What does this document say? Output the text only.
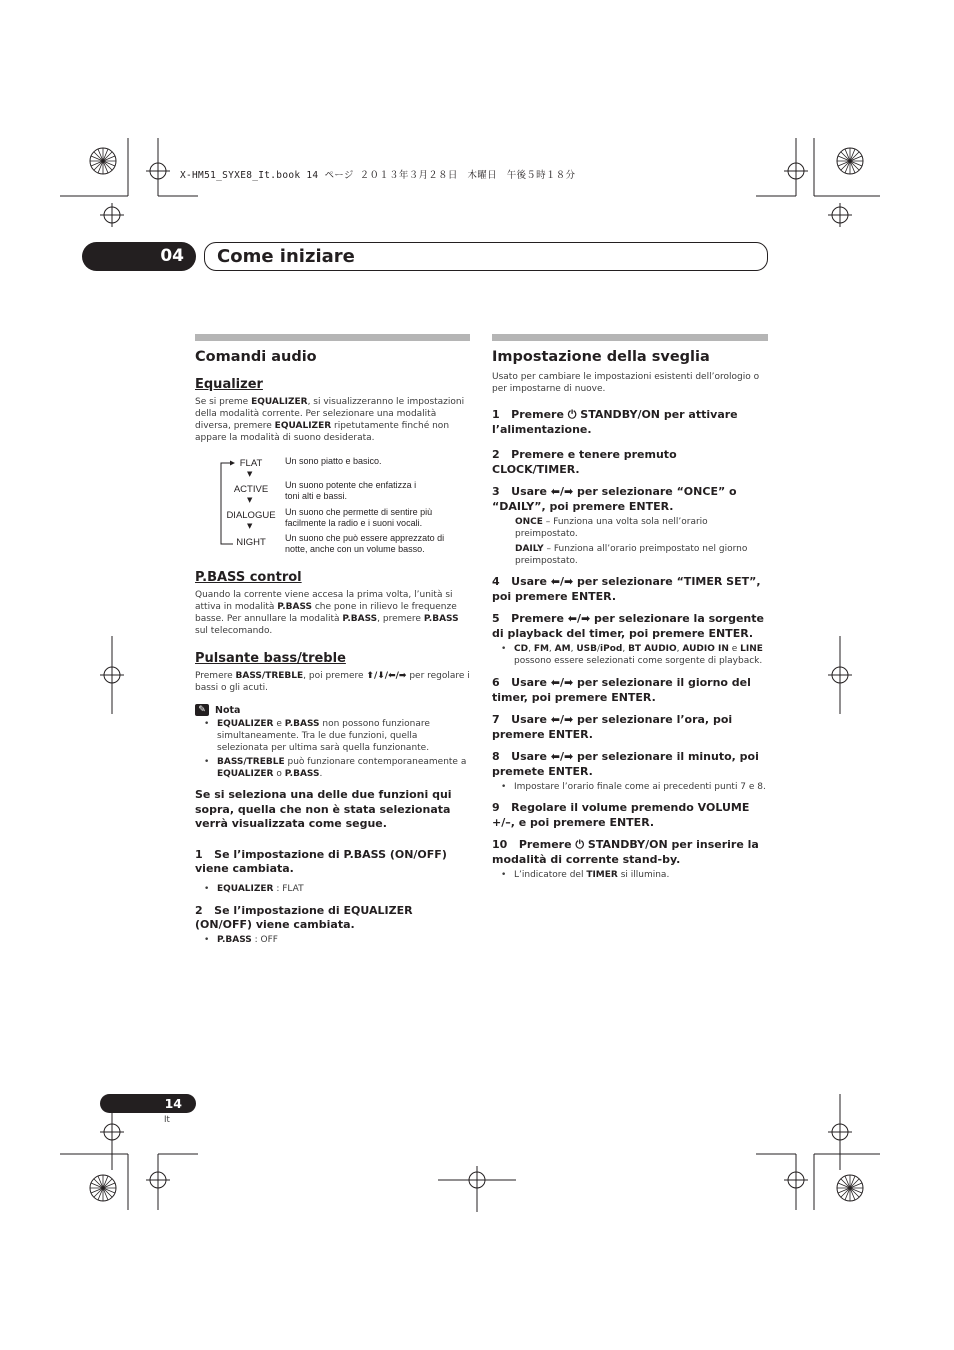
X-HM51_SYXE8_It.book 14 ページ ２０１３年３月２８日　木曜日　午後５時１８分
04	Come iniziare
Comandi audio
Equalizer

Se si preme EQUALIZER, si visualizzeranno le impostazioni della modalità corrente. Per selezionare una modalità diversa, premere EQUALIZER ripetutamente finché non appare la modalità di suono desiderata.

FLAT
▼
ACTIVE
▼
DIALOGUE
▼
NIGHT
Un sono piatto e basico.
Un suono potente che enfatizza i toni alti e bassi.
Un suono che permette di sentire più facilmente la radio e i suoni vocali.
Un suono che può essere apprezzato di notte, anche con un volume basso.
P.BASS control

Quando la corrente viene accesa la prima volta, l’unità si attiva in modalità P.BASS che pone in rilievo le frequenze basse. Per annullare la modalità P.BASS, premere P.BASS sul telecomando.

Pulsante bass/treble

Premere BASS/TREBLE, poi premere ⬆/⬇/⬅/➡ per regolare i bassi o gli acuti.

✎ Nota

• EQUALIZER e P.BASS non possono funzionare simultaneamente. Tra le due funzioni, quella selezionata per ultima sarà quella funzionante.

• BASS/TREBLE può funzionare contemporaneamente a EQUALIZER o P.BASS.

Se si seleziona una delle due funzioni qui sopra, quella che non è stata selezionata verrà visualizzata come segue.

1 Se l’impostazione di P.BASS (ON/OFF) viene cambiata.

• EQUALIZER : FLAT

2 Se l’impostazione di EQUALIZER (ON/OFF) viene cambiata.

• P.BASS : OFF

Impostazione della sveglia

Usato per cambiare le impostazioni esistenti dell’orologio o per impostarne di nuove.

1 Premere ⏻ STANDBY/ON per attivare l’alimentazione.

2 Premere e tenere premuto CLOCK/TIMER.

3 Usare ⬅/➡ per selezionare “ONCE” o “DAILY”, poi premere ENTER.

ONCE – Funziona una volta sola nell’orario preimpostato.

DAILY – Funziona all’orario preimpostato nel giorno preimpostato.

4 Usare ⬅/➡ per selezionare “TIMER SET”, poi premere ENTER.

5 Premere ⬅/➡ per selezionare la sorgente di playback del timer, poi premere ENTER.

• CD, FM, AM, USB/iPod, BT AUDIO, AUDIO IN e LINE possono essere selezionati come sorgente di playback.

6 Usare ⬅/➡ per selezionare il giorno del timer, poi premere ENTER.

7 Usare ⬅/➡ per selezionare l’ora, poi premere ENTER.

8 Usare ⬅/➡ per selezionare il minuto, poi premete ENTER.

• Impostare l’orario finale come ai precedenti punti 7 e 8.

9 Regolare il volume premendo VOLUME +/–, e poi premere ENTER.

10 Premere ⏻ STANDBY/ON per inserire la modalità di corrente stand-by.

• L’indicatore del TIMER si illumina.

14
It
